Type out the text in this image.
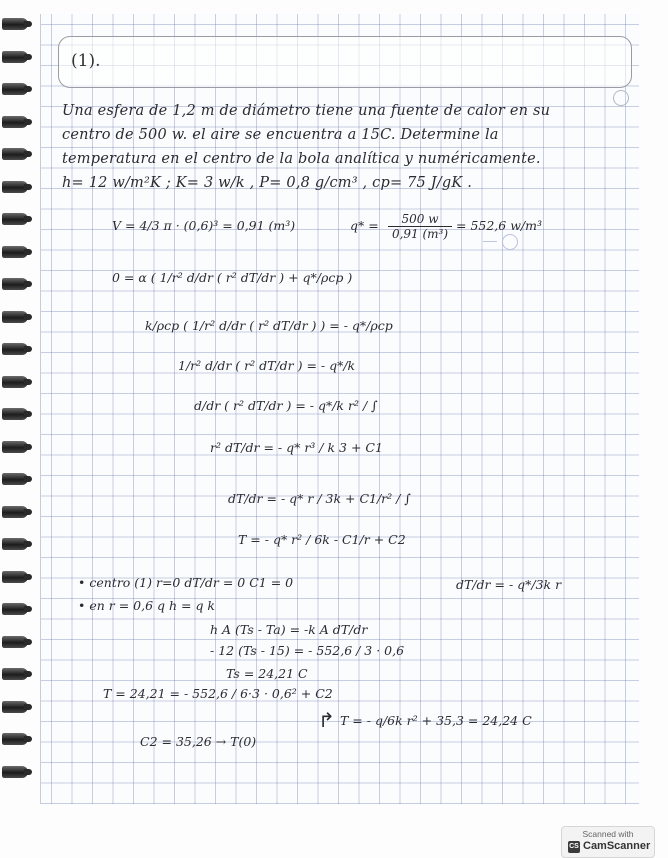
(1).
Una esfera de 1,2 m de diámetro tiene una fuente de calor en su
centro de 500 w. el aire se encuentra a 15C. Determine la
temperatura en el centro de la bola analítica y numéricamente.
h= 12 w/m²K ; K= 3 w/k , P= 0,8 g/cm³ , cp= 75 J/gK .
V = 4/3 π · (0,6)³ = 0,91 (m³)	$q* = \frac{500 w}{\text{0,91 (m³)}} = 552,6$ w/m³
0 = α ( 1/r² d/dr ( r² dT/dr ) + q*/ρcp )
k/ρcp ( 1/r² d/dr ( r² dT/dr ) ) = - q*/ρcp
1/r² d/dr ( r² dT/dr ) = - q*/k
d/dr ( r² dT/dr ) = - q*/k r² / ∫
r² dT/dr = - q* r³ / k 3 + C1
dT/dr = - q* r / 3k + C1/r² / ∫
T = - q* r² / 6k - C1/r + C2
• centro (1) r=0 dT/dr = 0 C1 = 0	dT/dr = - q*/3k r
• en r = 0,6 q h = q k
h A (Ts - Ta) = -k A dT/dr
- 12 (Ts - 15) = - 552,6 / 3 · 0,6
Ts = 24,21 C
T = 24,21 = - 552,6 / 6·3 · 0,6² + C2
C2 = 35,26 → T(0)
T = - q/6k r² + 35,3 = 24,24 C
↱
Scanned with
CS CamScanner
